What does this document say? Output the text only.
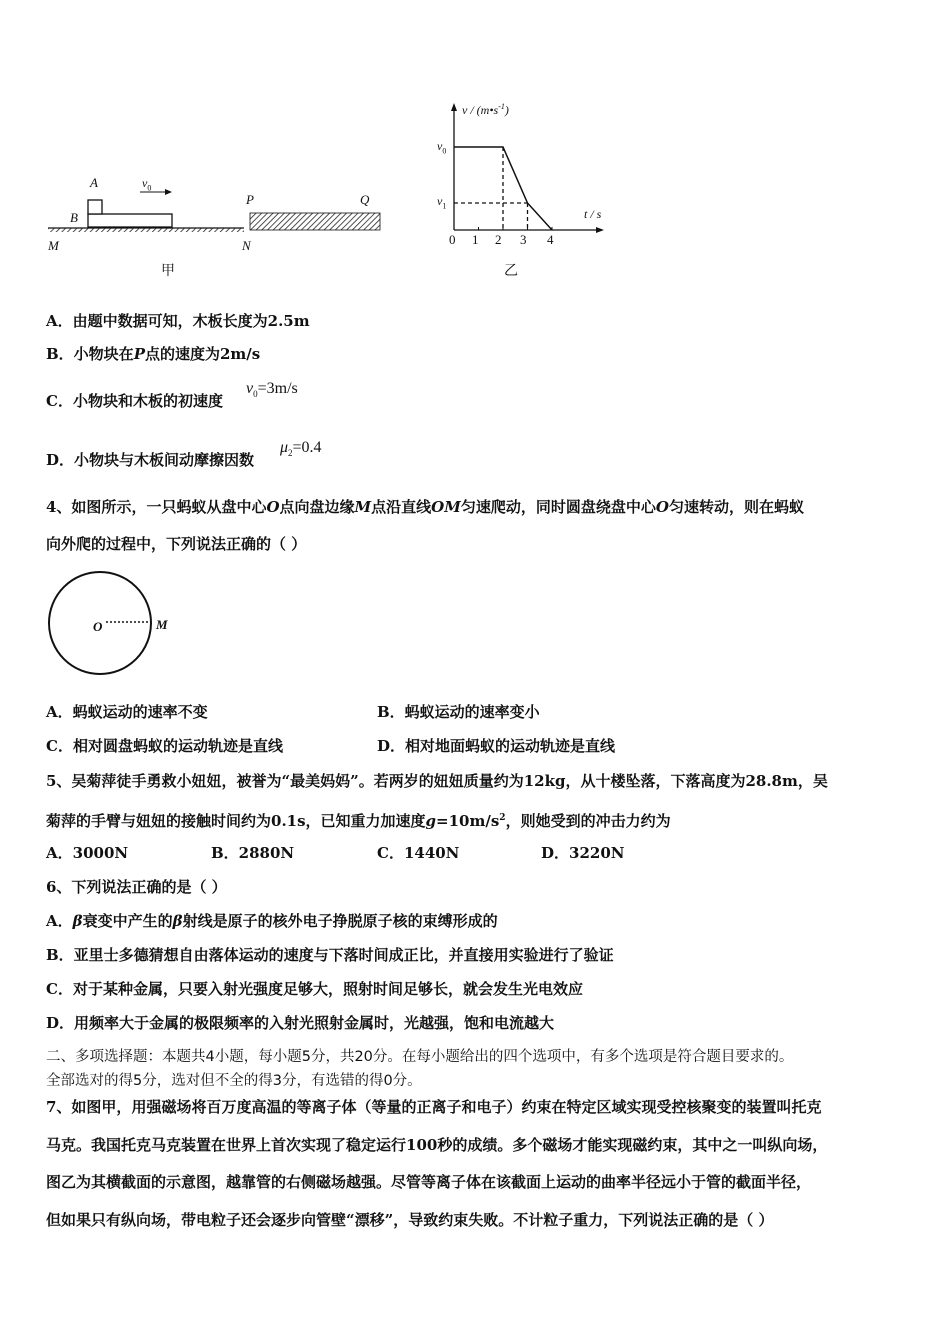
A
B
M	N
P	Q
$v_0$
甲
v / $(m•s^{-1})$
t / s
$v_0$
$v_1$
0 1 2 3 4
乙
A．由题中数据可知，木板长度为2.5m
B．小物块在P点的速度为2m/s
C．小物块和木板的初速度
$v_0=3m/s$
D．小物块与木板间动摩擦因数
$\mu_2=0.4$
4、如图所示，一只蚂蚁从盘中心O点向盘边缘M点沿直线OM匀速爬动，同时圆盘绕盘中心O匀速转动，则在蚂蚁
向外爬的过程中，下列说法正确的（ ）
O	M
A．蚂蚁运动的速率不变	B．蚂蚁运动的速率变小
C．相对圆盘蚂蚁的运动轨迹是直线	D．相对地面蚂蚁的运动轨迹是直线
5、吴菊萍徒手勇救小妞妞，被誉为“最美妈妈”。若两岁的妞妞质量约为12kg，从十楼坠落，下落高度为28.8m，吴
菊萍的手臂与妞妞的接触时间约为0.1s，已知重力加速度$g=10m/s^2$，则她受到的冲击力约为
A．3000N	B．2880N	C．1440N	D．3220N
6、下列说法正确的是（ ）
A．β衰变中产生的β射线是原子的核外电子挣脱原子核的束缚形成的
B．亚里士多德猜想自由落体运动的速度与下落时间成正比，并直接用实验进行了验证
C．对于某种金属，只要入射光强度足够大，照射时间足够长，就会发生光电效应
D．用频率大于金属的极限频率的入射光照射金属时，光越强，饱和电流越大
二、多项选择题：本题共4小题，每小题5分，共20分。在每小题给出的四个选项中，有多个选项是符合题目要求的。
全部选对的得5分，选对但不全的得3分，有选错的得0分。
7、如图甲，用强磁场将百万度高温的等离子体（等量的正离子和电子）约束在特定区域实现受控核聚变的装置叫托克
马克。我国托克马克装置在世界上首次实现了稳定运行100秒的成绩。多个磁场才能实现磁约束，其中之一叫纵向场，
图乙为其横截面的示意图，越靠管的右侧磁场越强。尽管等离子体在该截面上运动的曲率半径远小于管的截面半径，
但如果只有纵向场，带电粒子还会逐步向管壁“漂移”，导致约束失败。不计粒子重力，下列说法正确的是（ ）
